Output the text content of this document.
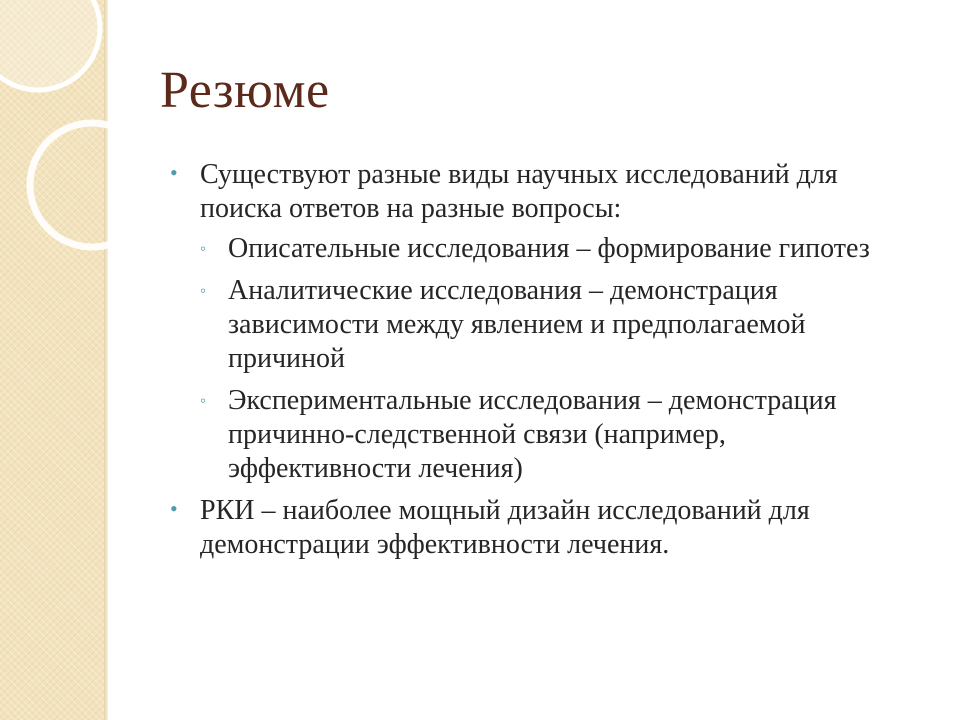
Резюме
• Существуют разные виды научных исследований для поиска ответов на разные вопросы:
◦ Описательные исследования – формирование гипотез
◦ Аналитические исследования – демонстрация зависимости между явлением и предполагаемой причиной
◦ Экспериментальные исследования – демонстрация причинно-следственной связи (например, эффективности лечения)
• РКИ – наиболее мощный дизайн исследований для демонстрации эффективности лечения.
